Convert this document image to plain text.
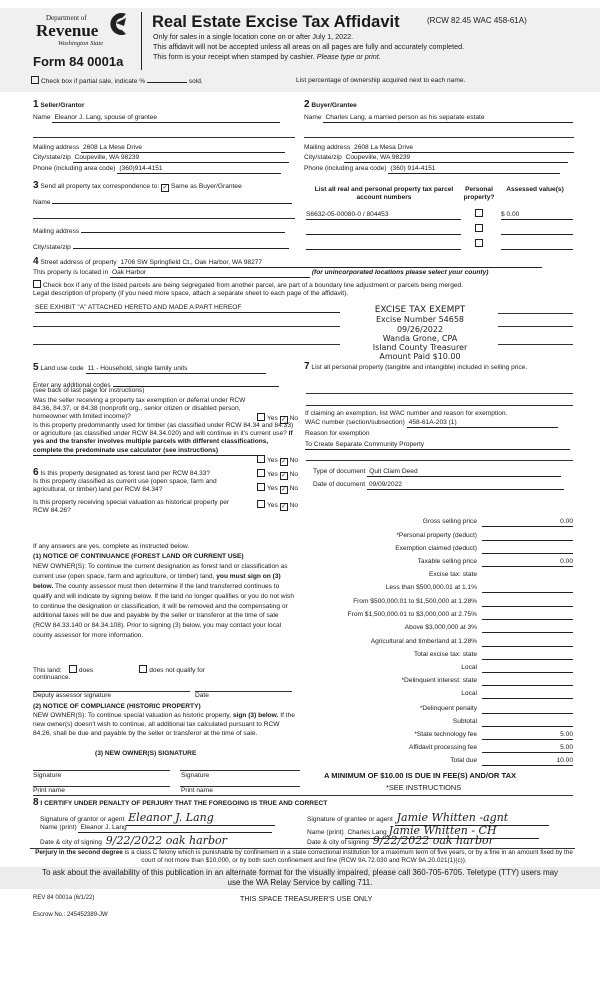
Department of
Revenue
Washington State
Form 84 0001a
Real Estate Excise Tax Affidavit	(RCW 82.45 WAC 458-61A)
Only for sales in a single location cone on or after July 1, 2022.
This affidavit will not be accepted unless all areas on all pages are fully and accurately completed.
This form is your receipt when stamped by cashier. Please type or print.
Check box if partial sale, indicate %	sold.	List percentage of ownership acquired next to each name.
1 Seller/Grantor
Name Eleanor J. Lang, spouse of grantee
Mailing address 2608 La Mese Drive
City/state/zip Coupeville, WA 98239
Phone (including area code) (360)914-4151
2 Buyer/Grantee
Name Charles Lang, a married person as his separate estate
Mailing address 2608 La Mesa Drive
City/state/zip Coupeville, WA 98239
Phone (including area code) (360) 914-4151
3 Send all property tax correspondence to: ✓ Same as Buyer/Grantee
Name
Mailing address
City/state/zip
List all real and personal property tax parcel account numbers
Personal property?
Assessed value(s)
S6632-05-00080-0 / 804453	$ 0.00
4 Street address of property 1706 SW Springfield Ct., Oak Harbor, WA 98277
This property is located in Oak Harbor	(for unincorporated locations please select your county)
Check box if any of the listed parcels are being segregated from another parcel, are part of a boundary line adjustment or parcels being merged.
Legal description of property (if you need more space, attach a separate sheet to each page of the affidavit).
SEE EXHIBIT "A" ATTACHED HERETO AND MADE A PART HEREOF	EXCISE TAX EXEMPT
Excise Number 54658
09/26/2022
Wanda Grone, CPA
Island County Treasurer
Amount Paid $10.00
5 Land use code 11 - Household, single family units
Enter any additional codes
(see back of last page for instructions)
Was the seller receiving a property tax exemption or deferral under RCW 84.36, 84.37, or 84.38 (nonprofit org., senior citizen or disabled person, homeowner with limited income)?	Yes ✓ No
Is this property predominantly used for timber (as classified under RCW 84.34 and 84.33) or agriculture (as classified under RCW 84.34.020) and will continue in it's current use? If yes and the transfer involves multiple parcels with different classifications, complete the predominate use calculator (see instructions)
Yes ✓ No
7 List all personal property (tangible and intangible) included in selling price.
If claiming an exemption, list WAC number and reason for exemption.
WAC number (section/subsection) 458-61A-203 (1)
Reason for exemption
To Create Separate Community Property
6 Is this property designated as forest land per RCW 84.33?	Yes ✓ No
Is this property classified as current use (open space, farm and agricultural, or timber) land per RCW 84.34?	Yes ✓ No
Is this property receiving special valuation as historical property per RCW 84.26?
Yes ✓ No
If any answers are yes, complete as instructed below.
(1) NOTICE OF CONTINUANCE (FOREST LAND OR CURRENT USE)
NEW OWNER(S): To continue the current designation as forest land or classification as current use (open space, farm and agriculture, or timber) land, you must sign on (3) below. The county assessor must then determine if the land transferred continues to qualify and will indicate by signing below. If the land no longer qualifies or you do not wish to continue the designation or classification, it will be removed and the compensating or additional taxes will be due and payable by the seller or transferor at the time of sale (RCW 84.33.140 or 84.34.108). Prior to signing (3) below, you may contact your local county assessor for more information.
This land:	does	does not qualify for
continuance.
Deputy assessor signature	Date
(2) NOTICE OF COMPLIANCE (HISTORIC PROPERTY)
NEW OWNER(S): To continue special valuation as historic property, sign (3) below. If the new owner(s) doesn't wish to continue, all additional tax calculated pursuant to RCW 84.26, shall be due and payable by the seller or transferor at the time of sale.
(3) NEW OWNER(S) SIGNATURE
Signature	Signature
Print name	Print name
Type of document Quit Claim Deed
Date of document 09/09/2022
Gross selling price	0.00
*Personal property (deduct)
Exemption claimed (deduct)
Taxable selling price	0.00
Excise tax: state
Less than $500,000.01 at 1.1%
From $500,000.01 to $1,500,000 at 1.28%
From $1,500,000.01 to $3,000,000 at 2.75%
Above $3,000,000 at 3%
Agricultural and timberland at 1.28%
Total excise tax: state
Local
*Delinquent interest: state
Local
*Delinquent penalty
Subtotal
*State technology fee	5.00
Affidavit processing fee	5.00
Total due	10.00
A MINIMUM OF $10.00 IS DUE IN FEE(S) AND/OR TAX
*SEE INSTRUCTIONS
8 I CERTIFY UNDER PENALTY OF PERJURY THAT THE FOREGOING IS TRUE AND CORRECT
Signature of grantor or agent Eleanor J. Lang
Name (print) Eleanor J. Lang
Date & city of signing 9/22/2022 oak harbor
Signature of grantee or agent Jamie Whitten -agnt
Name (print) Charles Lang Jamie Whitten - CH
Date & city of signing 9/22/2022 oak harbor
Perjury in the second degree is a class C felony which is punishable by confinement in a state correctional institution for a maximum term of five years, or by a fine in an amount fixed by the court of not more than $10,000, or by both such confinement and fine (RCW 9A.72.030 and RCW 9A.20.021(1)(c)).
To ask about the availability of this publication in an alternate format for the visually impaired, please call 360-705-6705. Teletype (TTY) users may use the WA Relay Service by calling 711.
REV 84 0001a (6/1/22)	THIS SPACE TREASURER'S USE ONLY
Escrow No.: 245452389-JW
